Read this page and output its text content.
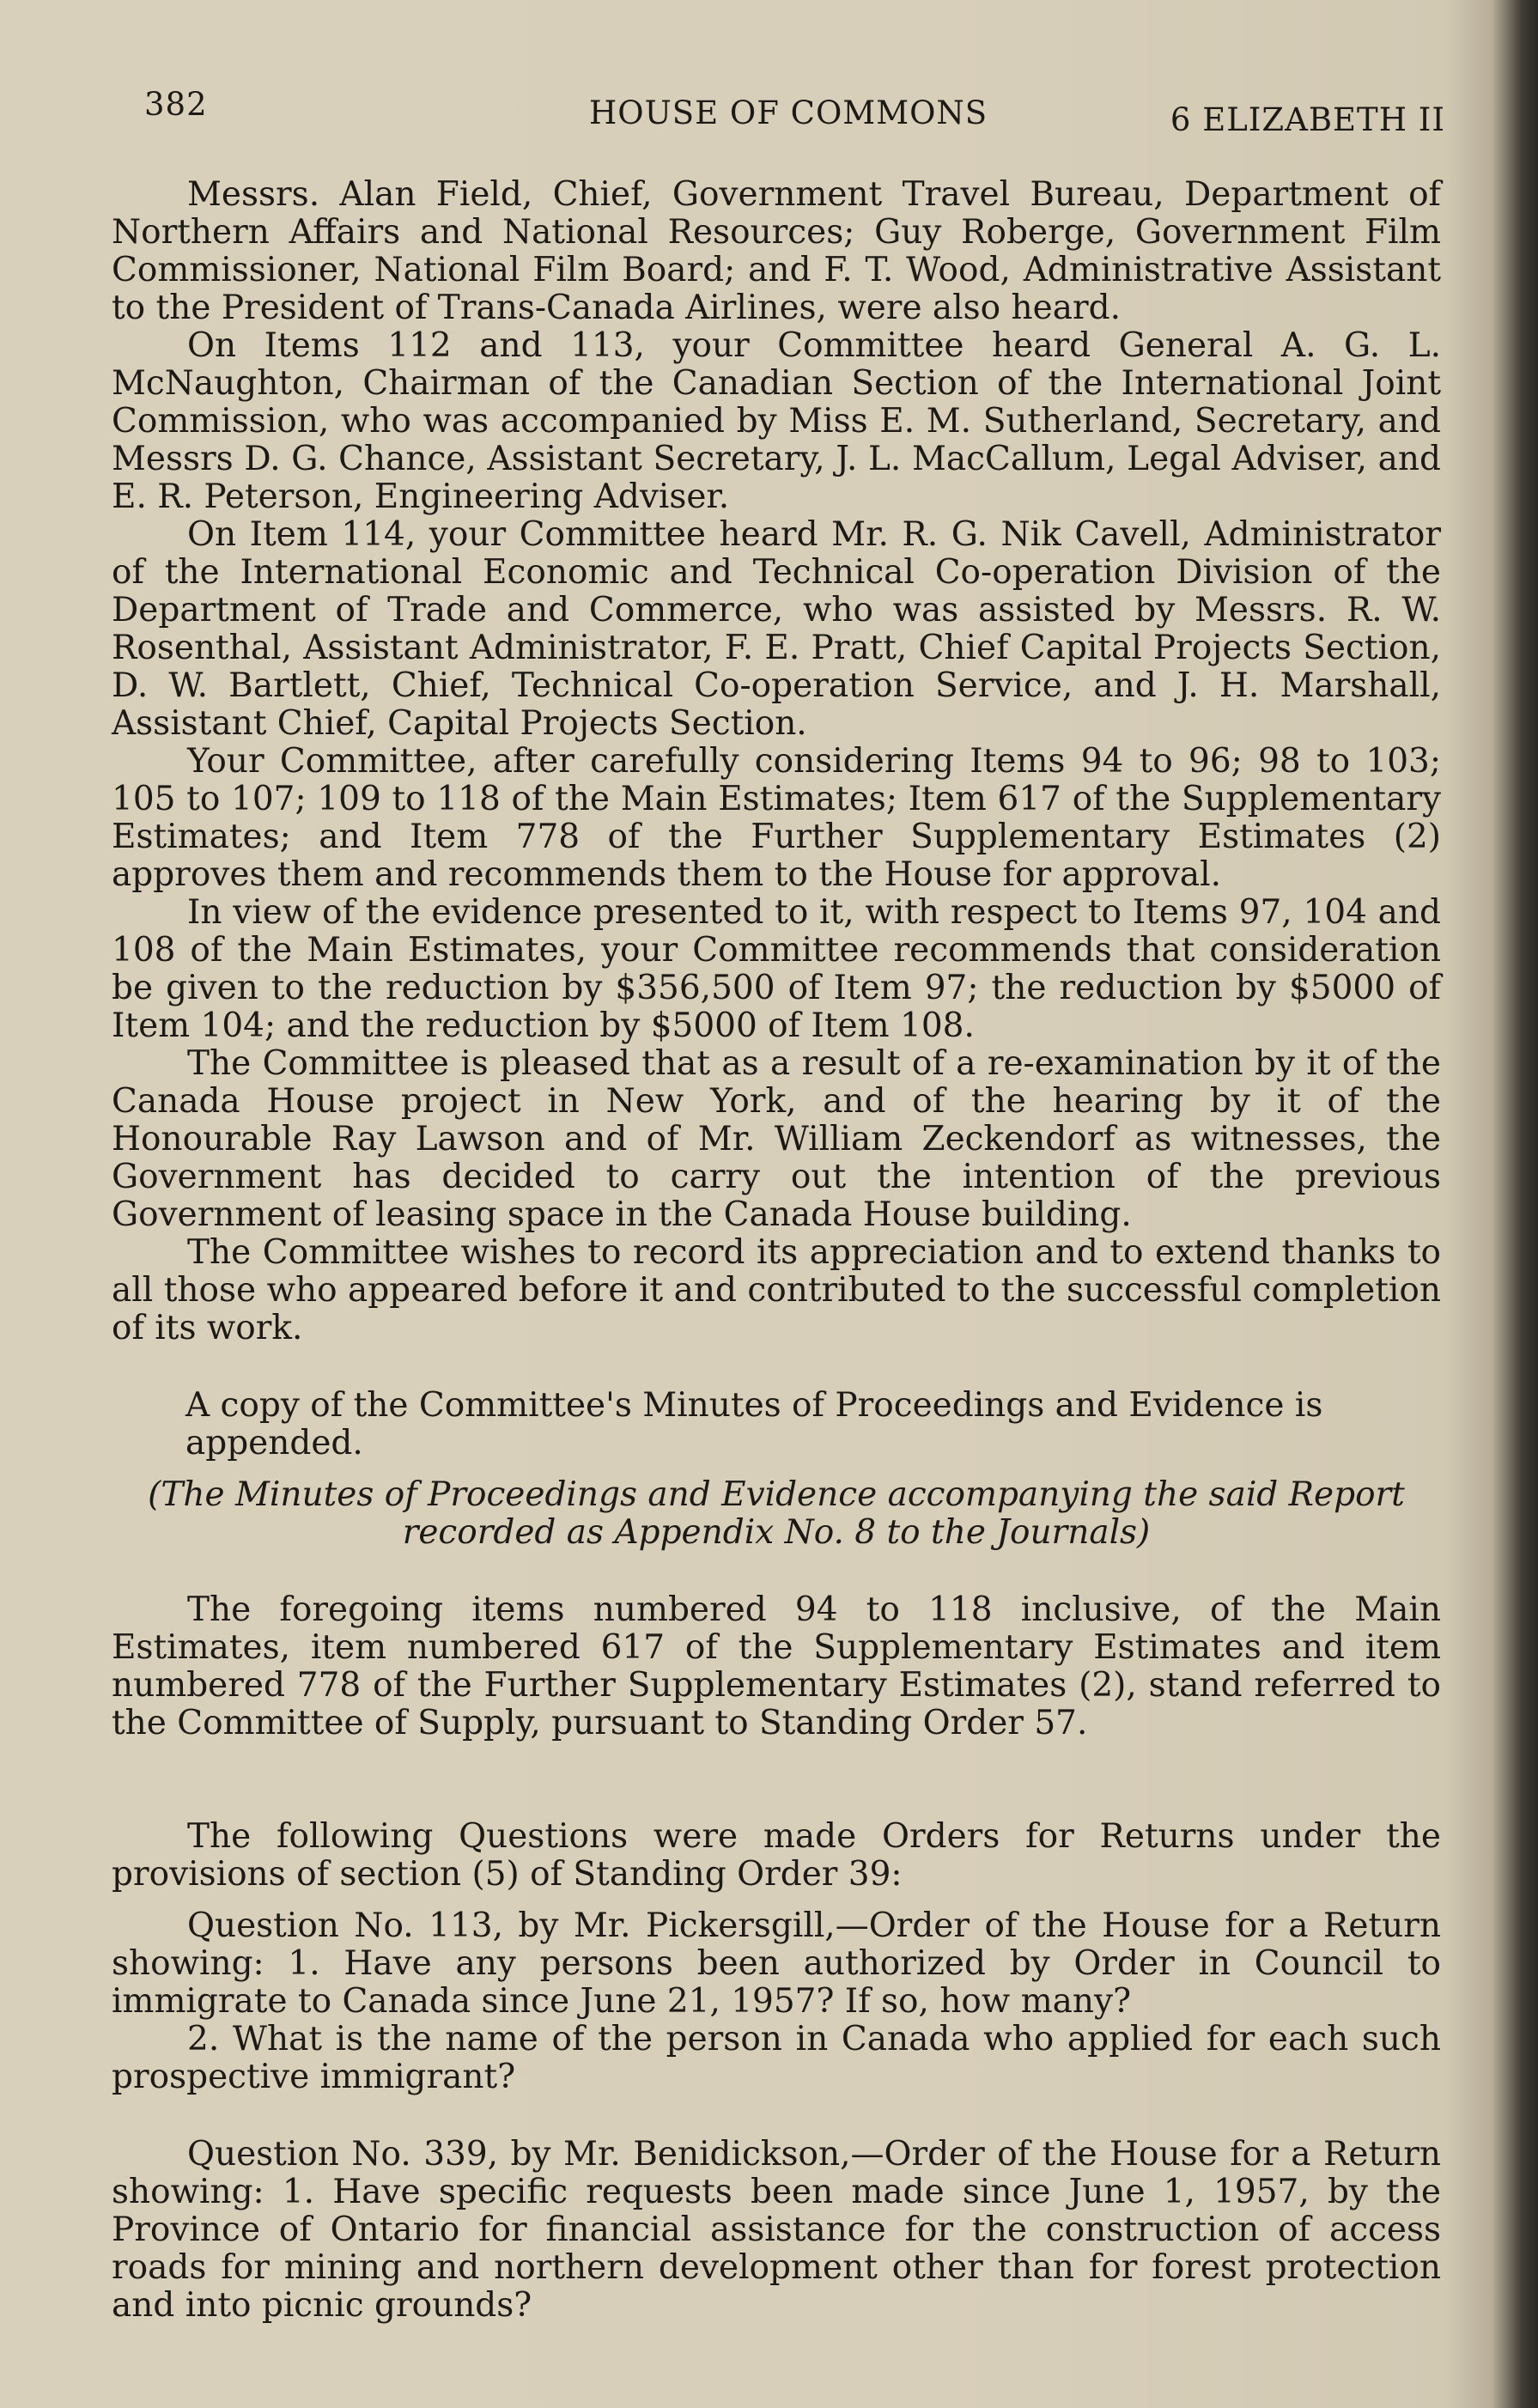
382	HOUSE OF COMMONS	6 ELIZABETH II

Messrs. Alan Field, Chief, Government Travel Bureau, Department of Northern Affairs and National Resources; Guy Roberge, Government Film Commissioner, National Film Board; and F. T. Wood, Administrative Assistant to the President of Trans-Canada Airlines, were also heard.

On Items 112 and 113, your Committee heard General A. G. L. McNaughton, Chairman of the Canadian Section of the International Joint Commission, who was accompanied by Miss E. M. Sutherland, Secretary, and Messrs D. G. Chance, Assistant Secretary, J. L. MacCallum, Legal Adviser, and E. R. Peterson, Engineering Adviser.

On Item 114, your Committee heard Mr. R. G. Nik Cavell, Administrator of the International Economic and Technical Co-operation Division of the Department of Trade and Commerce, who was assisted by Messrs. R. W. Rosenthal, Assistant Administrator, F. E. Pratt, Chief Capital Projects Section, D. W. Bartlett, Chief, Technical Co-operation Service, and J. H. Marshall, Assistant Chief, Capital Projects Section.

Your Committee, after carefully considering Items 94 to 96; 98 to 103; 105 to 107; 109 to 118 of the Main Estimates; Item 617 of the Supplementary Estimates; and Item 778 of the Further Supplementary Estimates (2) approves them and recommends them to the House for approval.

In view of the evidence presented to it, with respect to Items 97, 104 and 108 of the Main Estimates, your Committee recommends that consideration be given to the reduction by $356,500 of Item 97; the reduction by $5000 of Item 104; and the reduction by $5000 of Item 108.

The Committee is pleased that as a result of a re-examination by it of the Canada House project in New York, and of the hearing by it of the Honourable Ray Lawson and of Mr. William Zeckendorf as witnesses, the Government has decided to carry out the intention of the previous Government of leasing space in the Canada House building.

The Committee wishes to record its appreciation and to extend thanks to all those who appeared before it and contributed to the successful completion of its work.

A copy of the Committee's Minutes of Proceedings and Evidence is appended.

(The Minutes of Proceedings and Evidence accompanying the said Report recorded as Appendix No. 8 to the Journals)

The foregoing items numbered 94 to 118 inclusive, of the Main Estimates, item numbered 617 of the Supplementary Estimates and item numbered 778 of the Further Supplementary Estimates (2), stand referred to the Committee of Supply, pursuant to Standing Order 57.

The following Questions were made Orders for Returns under the provisions of section (5) of Standing Order 39:

Question No. 113, by Mr. Pickersgill,—Order of the House for a Return showing: 1. Have any persons been authorized by Order in Council to immigrate to Canada since June 21, 1957? If so, how many?

2. What is the name of the person in Canada who applied for each such prospective immigrant?

Question No. 339, by Mr. Benidickson,—Order of the House for a Return showing: 1. Have specific requests been made since June 1, 1957, by the Province of Ontario for financial assistance for the construction of access roads for mining and northern development other than for forest protection and into picnic grounds?
